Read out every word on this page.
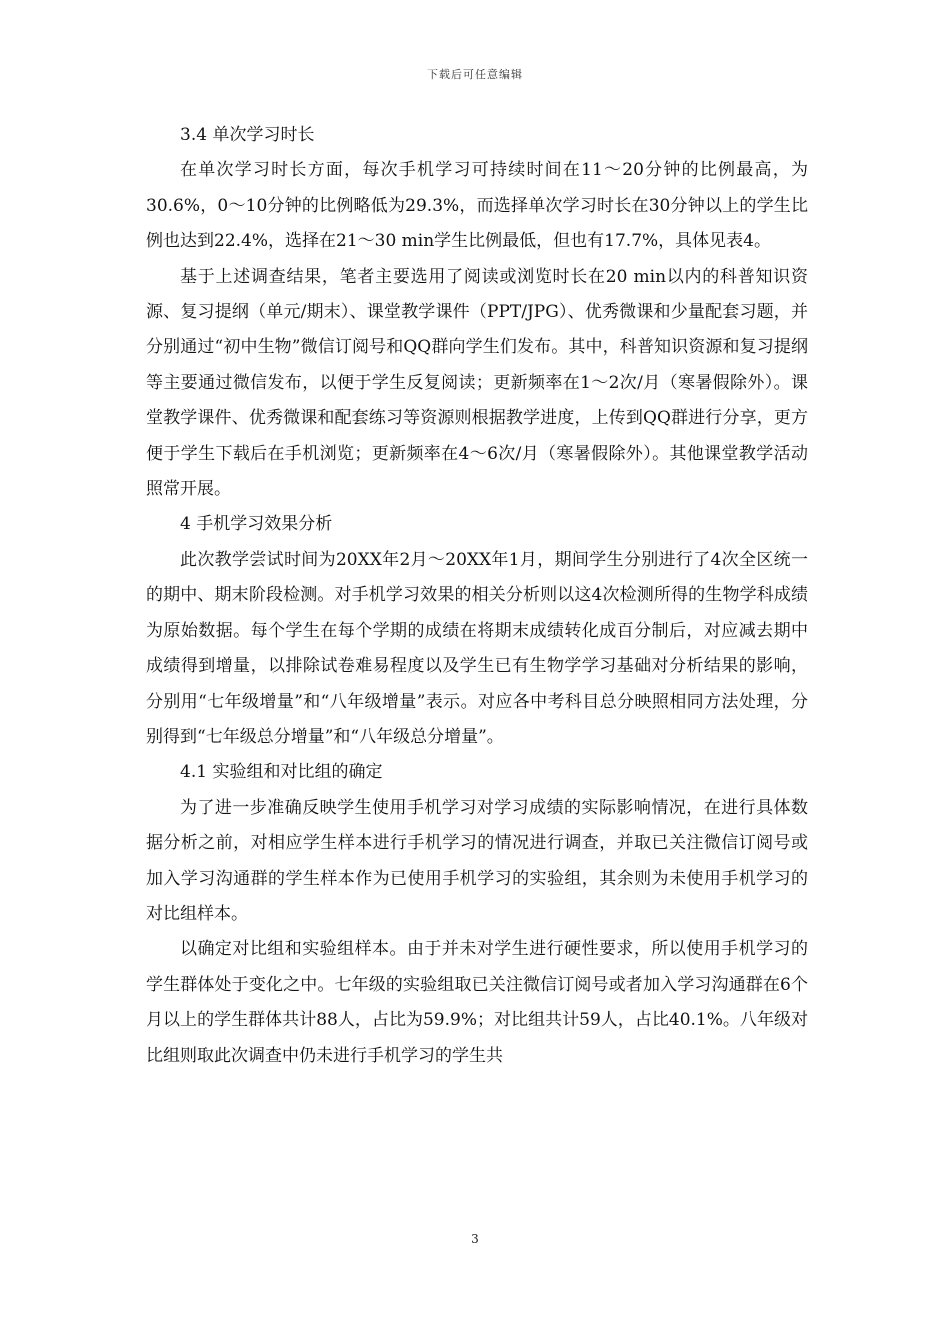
下载后可任意编辑
3.4 单次学习时长

在单次学习时长方面，每次手机学习可持续时间在11～20分钟的比例最高，为30.6%，0～10分钟的比例略低为29.3%，而选择单次学习时长在30分钟以上的学生比例也达到22.4%，选择在21～30 min学生比例最低，但也有17.7%，具体见表4。

基于上述调查结果，笔者主要选用了阅读或浏览时长在20 min以内的科普知识资源、复习提纲（单元/期末）、课堂教学课件（PPT/JPG）、优秀微课和少量配套习题，并分别通过“初中生物”微信订阅号和QQ群向学生们发布。其中，科普知识资源和复习提纲等主要通过微信发布，以便于学生反复阅读；更新频率在1～2次/月（寒暑假除外）。课堂教学课件、优秀微课和配套练习等资源则根据教学进度，上传到QQ群进行分享，更方便于学生下载后在手机浏览；更新频率在4～6次/月（寒暑假除外）。其他课堂教学活动照常开展。

4 手机学习效果分析

此次教学尝试时间为20XX年2月～20XX年1月，期间学生分别进行了4次全区统一的期中、期末阶段检测。对手机学习效果的相关分析则以这4次检测所得的生物学科成绩为原始数据。每个学生在每个学期的成绩在将期末成绩转化成百分制后，对应减去期中成绩得到增量，以排除试卷难易程度以及学生已有生物学学习基础对分析结果的影响，分别用“七年级增量”和“八年级增量”表示。对应各中考科目总分映照相同方法处理，分别得到“七年级总分增量”和“八年级总分增量”。

4.1 实验组和对比组的确定

为了进一步准确反映学生使用手机学习对学习成绩的实际影响情况，在进行具体数据分析之前，对相应学生样本进行手机学习的情况进行调查，并取已关注微信订阅号或加入学习沟通群的学生样本作为已使用手机学习的实验组，其余则为未使用手机学习的对比组样本。

以确定对比组和实验组样本。由于并未对学生进行硬性要求，所以使用手机学习的学生群体处于变化之中。七年级的实验组取已关注微信订阅号或者加入学习沟通群在6个月以上的学生群体共计88人，占比为59.9%；对比组共计59人，占比40.1%。八年级对比组则取此次调查中仍未进行手机学习的学生共

3
